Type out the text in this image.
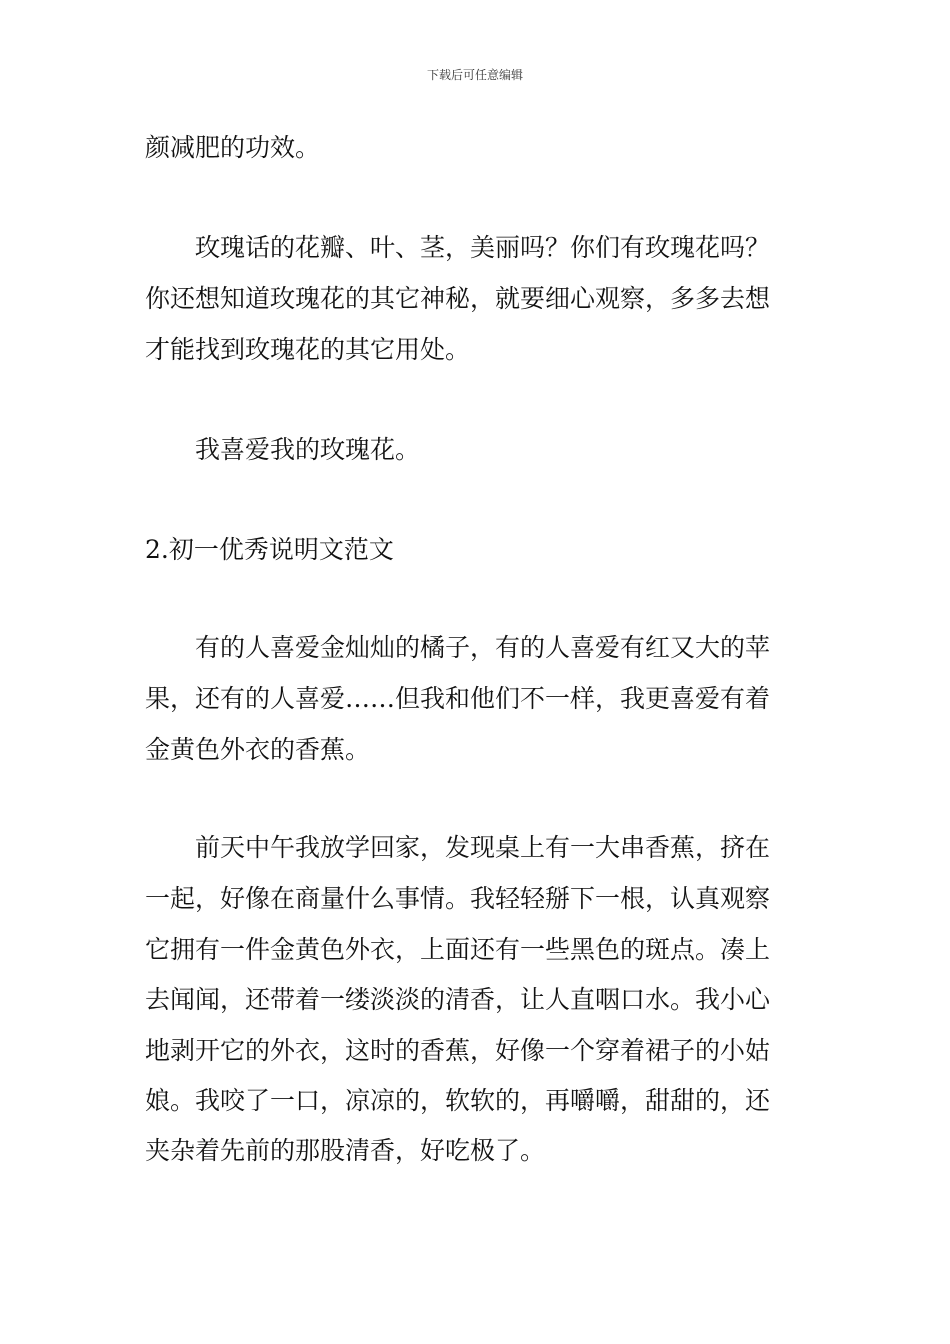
下载后可任意编辑
颜减肥的功效。
　　玫瑰话的花瓣、叶、茎，美丽吗？你们有玫瑰花吗？
你还想知道玫瑰花的其它神秘，就要细心观察，多多去想
才能找到玫瑰花的其它用处。
　　我喜爱我的玫瑰花。
2.初一优秀说明文范文
　　有的人喜爱金灿灿的橘子，有的人喜爱有红又大的苹
果，还有的人喜爱……但我和他们不一样，我更喜爱有着
金黄色外衣的香蕉。
　　前天中午我放学回家，发现桌上有一大串香蕉，挤在
一起，好像在商量什么事情。我轻轻掰下一根，认真观察
它拥有一件金黄色外衣，上面还有一些黑色的斑点。凑上
去闻闻，还带着一缕淡淡的清香，让人直咽口水。我小心
地剥开它的外衣，这时的香蕉，好像一个穿着裙子的小姑
娘。我咬了一口，凉凉的，软软的，再嚼嚼，甜甜的，还
夹杂着先前的那股清香，好吃极了。
